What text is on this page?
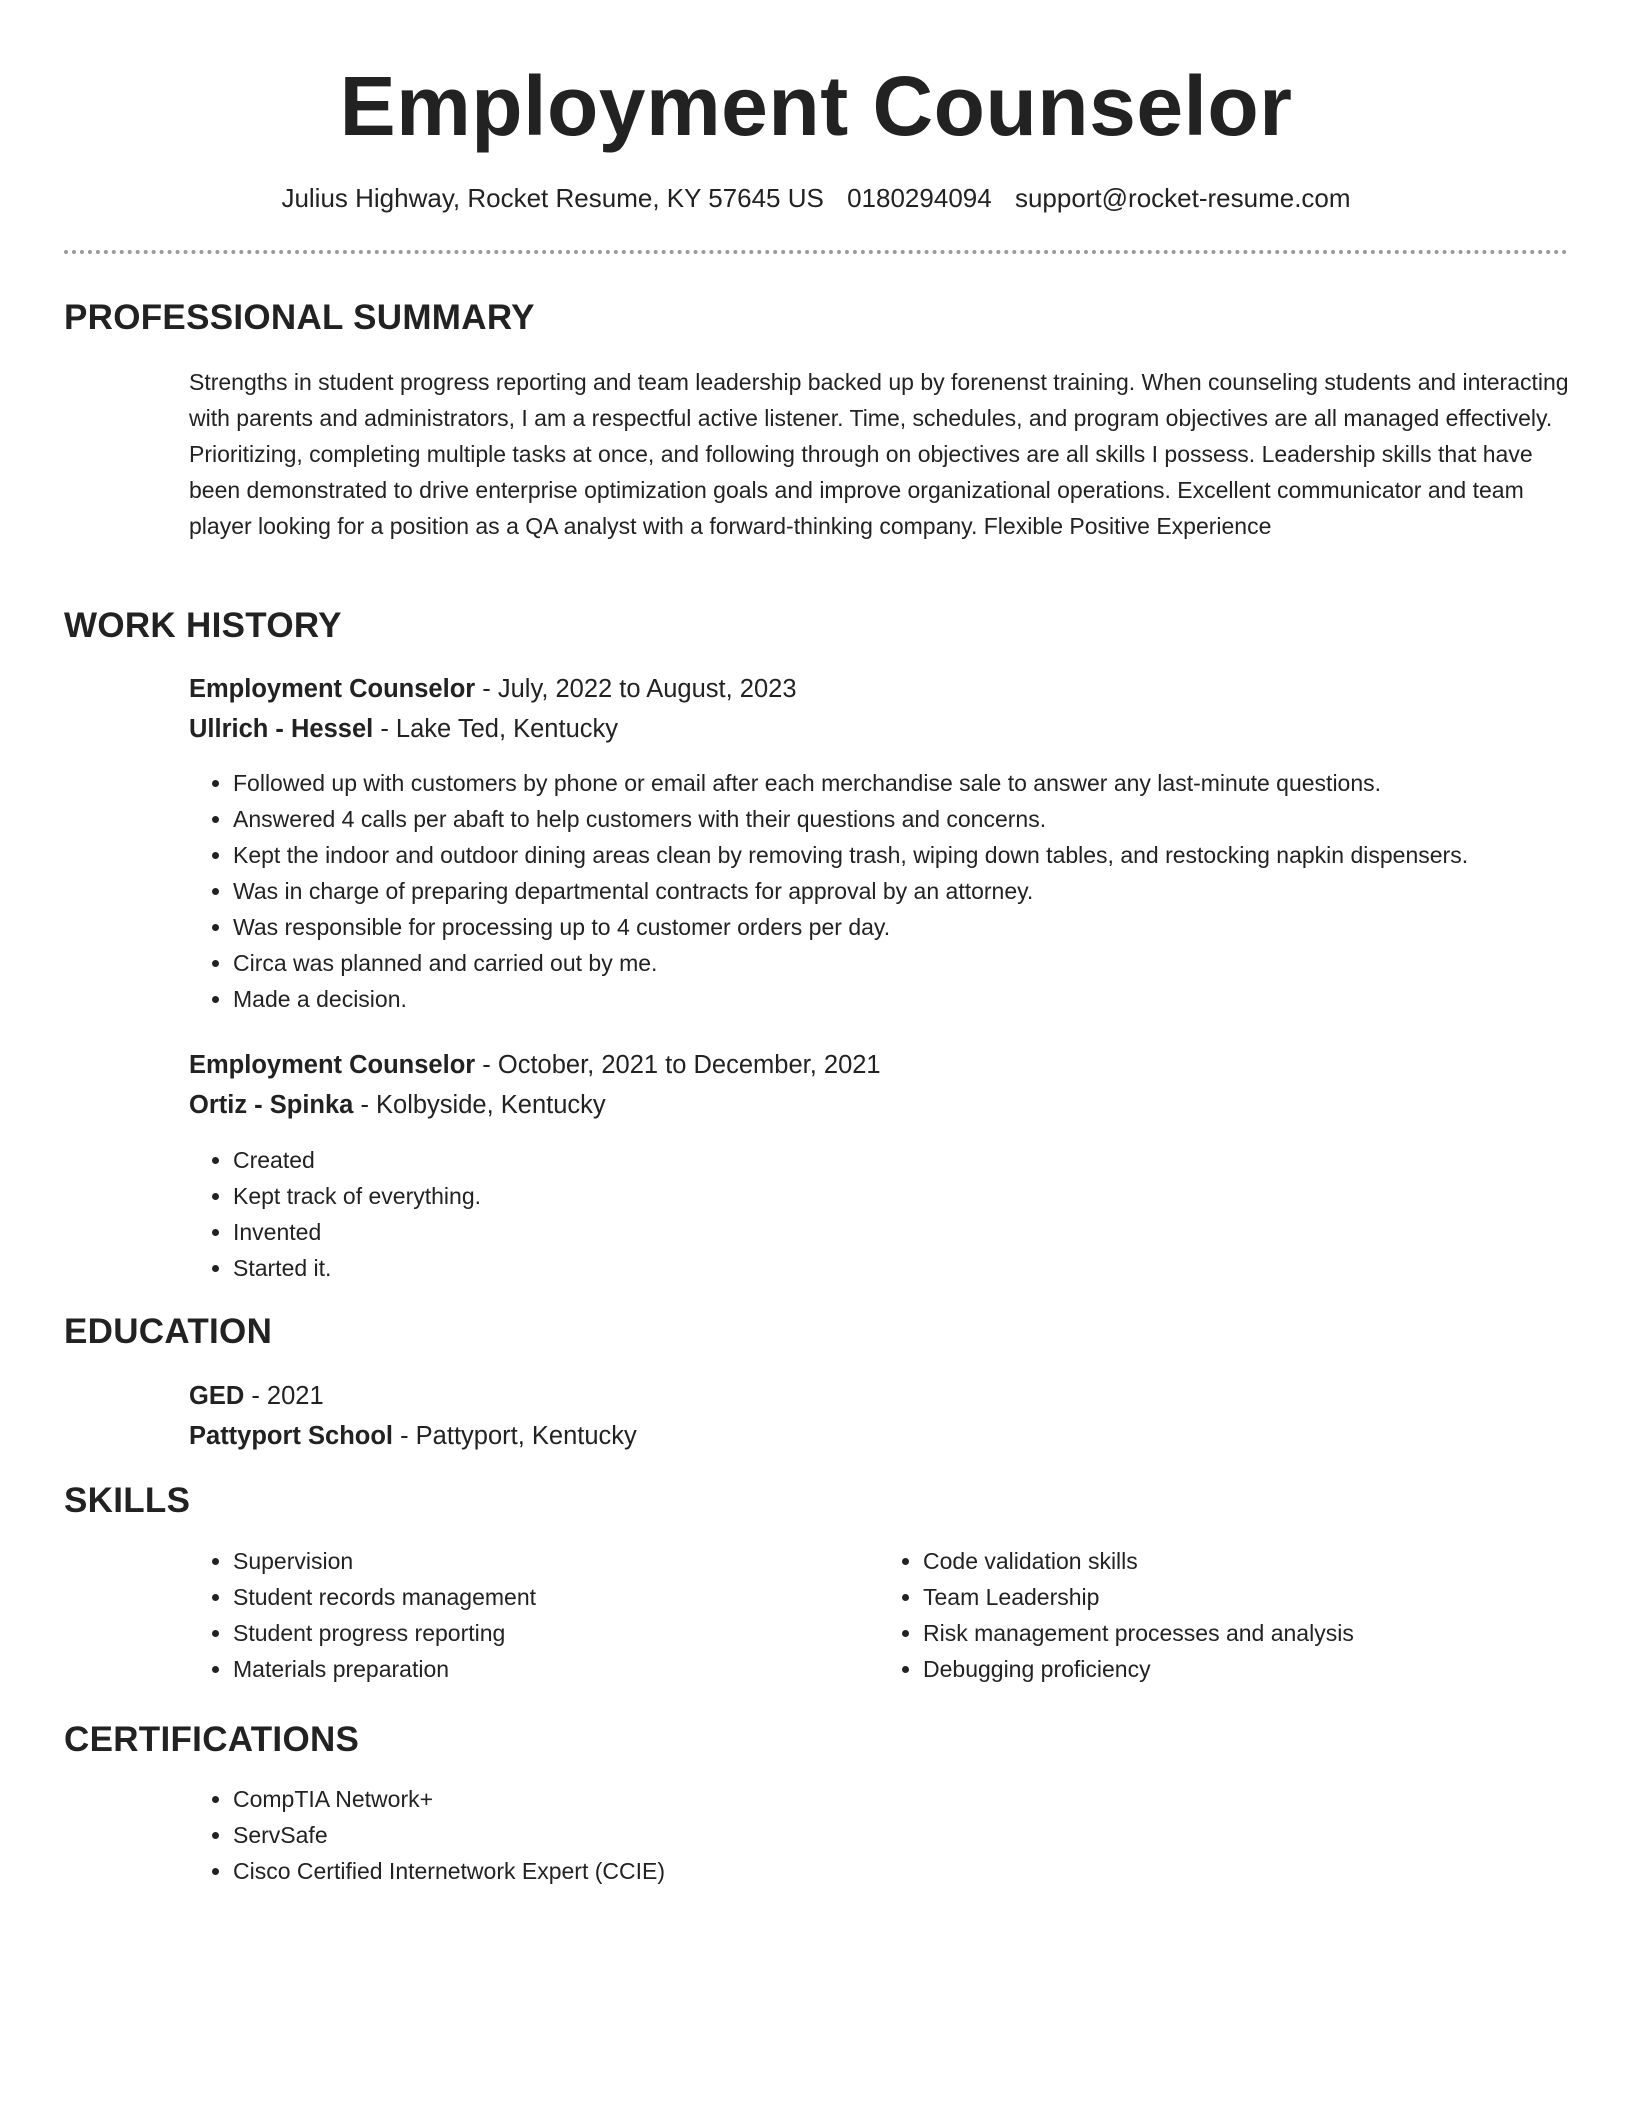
Employment Counselor
Julius Highway, Rocket Resume, KY 57645 US 0180294094 support@rocket-resume.com
PROFESSIONAL SUMMARY

Strengths in student progress reporting and team leadership backed up by forenenst training. When counseling students and interacting with parents and administrators, I am a respectful active listener. Time, schedules, and program objectives are all managed effectively. Prioritizing, completing multiple tasks at once, and following through on objectives are all skills I possess. Leadership skills that have been demonstrated to drive enterprise optimization goals and improve organizational operations. Excellent communicator and team player looking for a position as a QA analyst with a forward-thinking company. Flexible Positive Experience

WORK HISTORY

Employment Counselor - July, 2022 to August, 2023

Ullrich - Hessel - Lake Ted, Kentucky

• Followed up with customers by phone or email after each merchandise sale to answer any last-minute questions.
• Answered 4 calls per abaft to help customers with their questions and concerns.
• Kept the indoor and outdoor dining areas clean by removing trash, wiping down tables, and restocking napkin dispensers.
• Was in charge of preparing departmental contracts for approval by an attorney.
• Was responsible for processing up to 4 customer orders per day.
• Circa was planned and carried out by me.
• Made a decision.

Employment Counselor - October, 2021 to December, 2021

Ortiz - Spinka - Kolbyside, Kentucky

• Created
• Kept track of everything.
• Invented
• Started it.
EDUCATION

GED - 2021

Pattyport School - Pattyport, Kentucky

SKILLS
• Supervision
• Student records management
• Student progress reporting
• Materials preparation
• Code validation skills
• Team Leadership
• Risk management processes and analysis
• Debugging proficiency
CERTIFICATIONS
• CompTIA Network+
• ServSafe
• Cisco Certified Internetwork Expert (CCIE)
